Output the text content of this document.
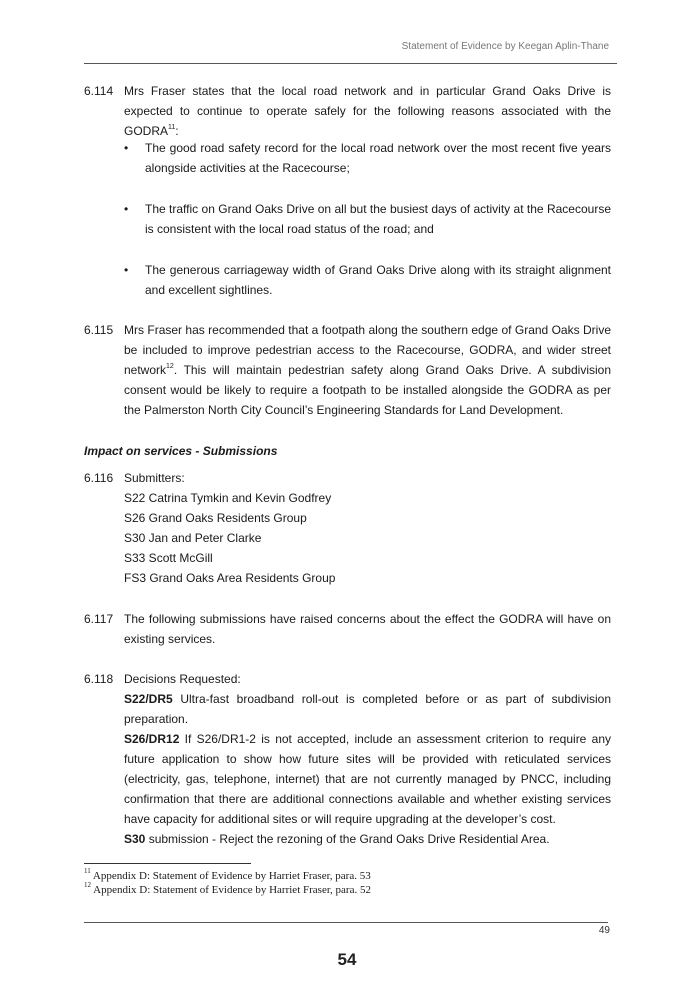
Statement of Evidence by Keegan Aplin-Thane
6.114 Mrs Fraser states that the local road network and in particular Grand Oaks Drive is expected to continue to operate safely for the following reasons associated with the GODRA$^{11}$:
• The good road safety record for the local road network over the most recent five years alongside activities at the Racecourse;
• The traffic on Grand Oaks Drive on all but the busiest days of activity at the Racecourse is consistent with the local road status of the road; and
• The generous carriageway width of Grand Oaks Drive along with its straight alignment and excellent sightlines.
6.115 Mrs Fraser has recommended that a footpath along the southern edge of Grand Oaks Drive be included to improve pedestrian access to the Racecourse, GODRA, and wider street network$^{12}$. This will maintain pedestrian safety along Grand Oaks Drive. A subdivision consent would be likely to require a footpath to be installed alongside the GODRA as per the Palmerston North City Council’s Engineering Standards for Land Development.
Impact on services - Submissions
6.116 Submitters:
S22 Catrina Tymkin and Kevin Godfrey
S26 Grand Oaks Residents Group
S30 Jan and Peter Clarke
S33 Scott McGill
FS3 Grand Oaks Area Residents Group
6.117 The following submissions have raised concerns about the effect the GODRA will have on existing services.
6.118 Decisions Requested:
S22/DR5 Ultra-fast broadband roll-out is completed before or as part of subdivision preparation.
S26/DR12 If S26/DR1-2 is not accepted, include an assessment criterion to require any future application to show how future sites will be provided with reticulated services (electricity, gas, telephone, internet) that are not currently managed by PNCC, including confirmation that there are additional connections available and whether existing services have capacity for additional sites or will require upgrading at the developer’s cost.
S30 submission - Reject the rezoning of the Grand Oaks Drive Residential Area.
$^{11}$ Appendix D: Statement of Evidence by Harriet Fraser, para. 53
$^{12}$ Appendix D: Statement of Evidence by Harriet Fraser, para. 52
49
54
